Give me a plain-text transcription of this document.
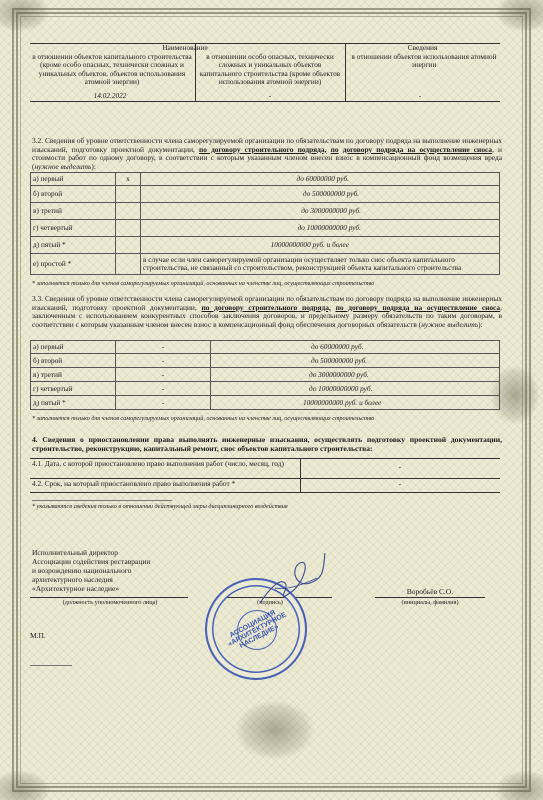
Наименование	Сведения
в отношении объектов капитального строительства (кроме особо опасных, технически сложных и уникальных объектов, объектов использования атомной энергии)
в отношении особо опасных, технически сложных и уникальных объектов капитального строительства (кроме объектов использования атомной энергии)
в отношении объектов использования атомной энергии
14.02.2022	-	-
3.2. Сведения об уровне ответственности члена саморегулируемой организации по обязательствам по договору подряда на выполнение инженерных изысканий, подготовку проектной документации, по договору строительного подряда, по договору подряда на осуществление сноса, и стоимости работ по одному договору, в соответствии с которым указанным членом внесен взнос в компенсационный фонд возмещения вреда (нужное выделить):
а) первый	x	до 60000000 руб.
б) второй		до 500000000 руб.
в) третий		до 3000000000 руб.
г) четвертый		до 10000000000 руб.
д) пятый *		10000000000 руб. и более
е) простой *		в случае если член саморегулируемой организации осуществляет только снос объекта капитального строительства, не связанный со строительством, реконструкцией объекта капитального строительства
* заполняется только для членов саморегулируемых организаций, основанных на членстве лиц, осуществляющих строительство
3.3. Сведения об уровне ответственности члена саморегулируемой организации по обязательствам по договору подряда на выполнение инженерных изысканий, подготовку проектной документации, по договору строительного подряда, по договору подряда на осуществление сноса, заключенным с использованием конкурентных способов заключения договоров, и предельному размеру обязательств по таким договорам, в соответствии с которым указанным членом внесен взнос в компенсационный фонд обеспечения договорных обязательств (нужное выделить):
а) первый	-	до 60000000 руб.
б) второй	-	до 500000000 руб.
в) третий	-	до 3000000000 руб.
г) четвертый	-	до 10000000000 руб.
д) пятый *	-	10000000000 руб. и более
* заполняется только для членов саморегулируемых организаций, основанных на членстве лиц, осуществляющих строительство
4. Сведения о приостановлении права выполнять инженерные изыскания, осуществлять подготовку проектной документации, строительство, реконструкцию, капитальный ремонт, снос объектов капитального строительства:
4.1. Дата, с которой приостановлено право выполнения работ (число, месяц, год)	-
4.2. Срок, на который приостановлено право выполнения работ *	-
* указываются сведения только в отношении действующей меры дисциплинарного воздействия
Исполнительный директор
Ассоциации содействия реставрации
и возрождению национального
архитектурного наследия
«Архитектурное наследие»
(должность уполномоченного лица)	(подпись)
Воробьёв С.О.
(инициалы, фамилия)
М.П.	АССОЦИАЦИЯ «АРХИТЕКТУРНОЕ НАСЛЕДИЕ»
